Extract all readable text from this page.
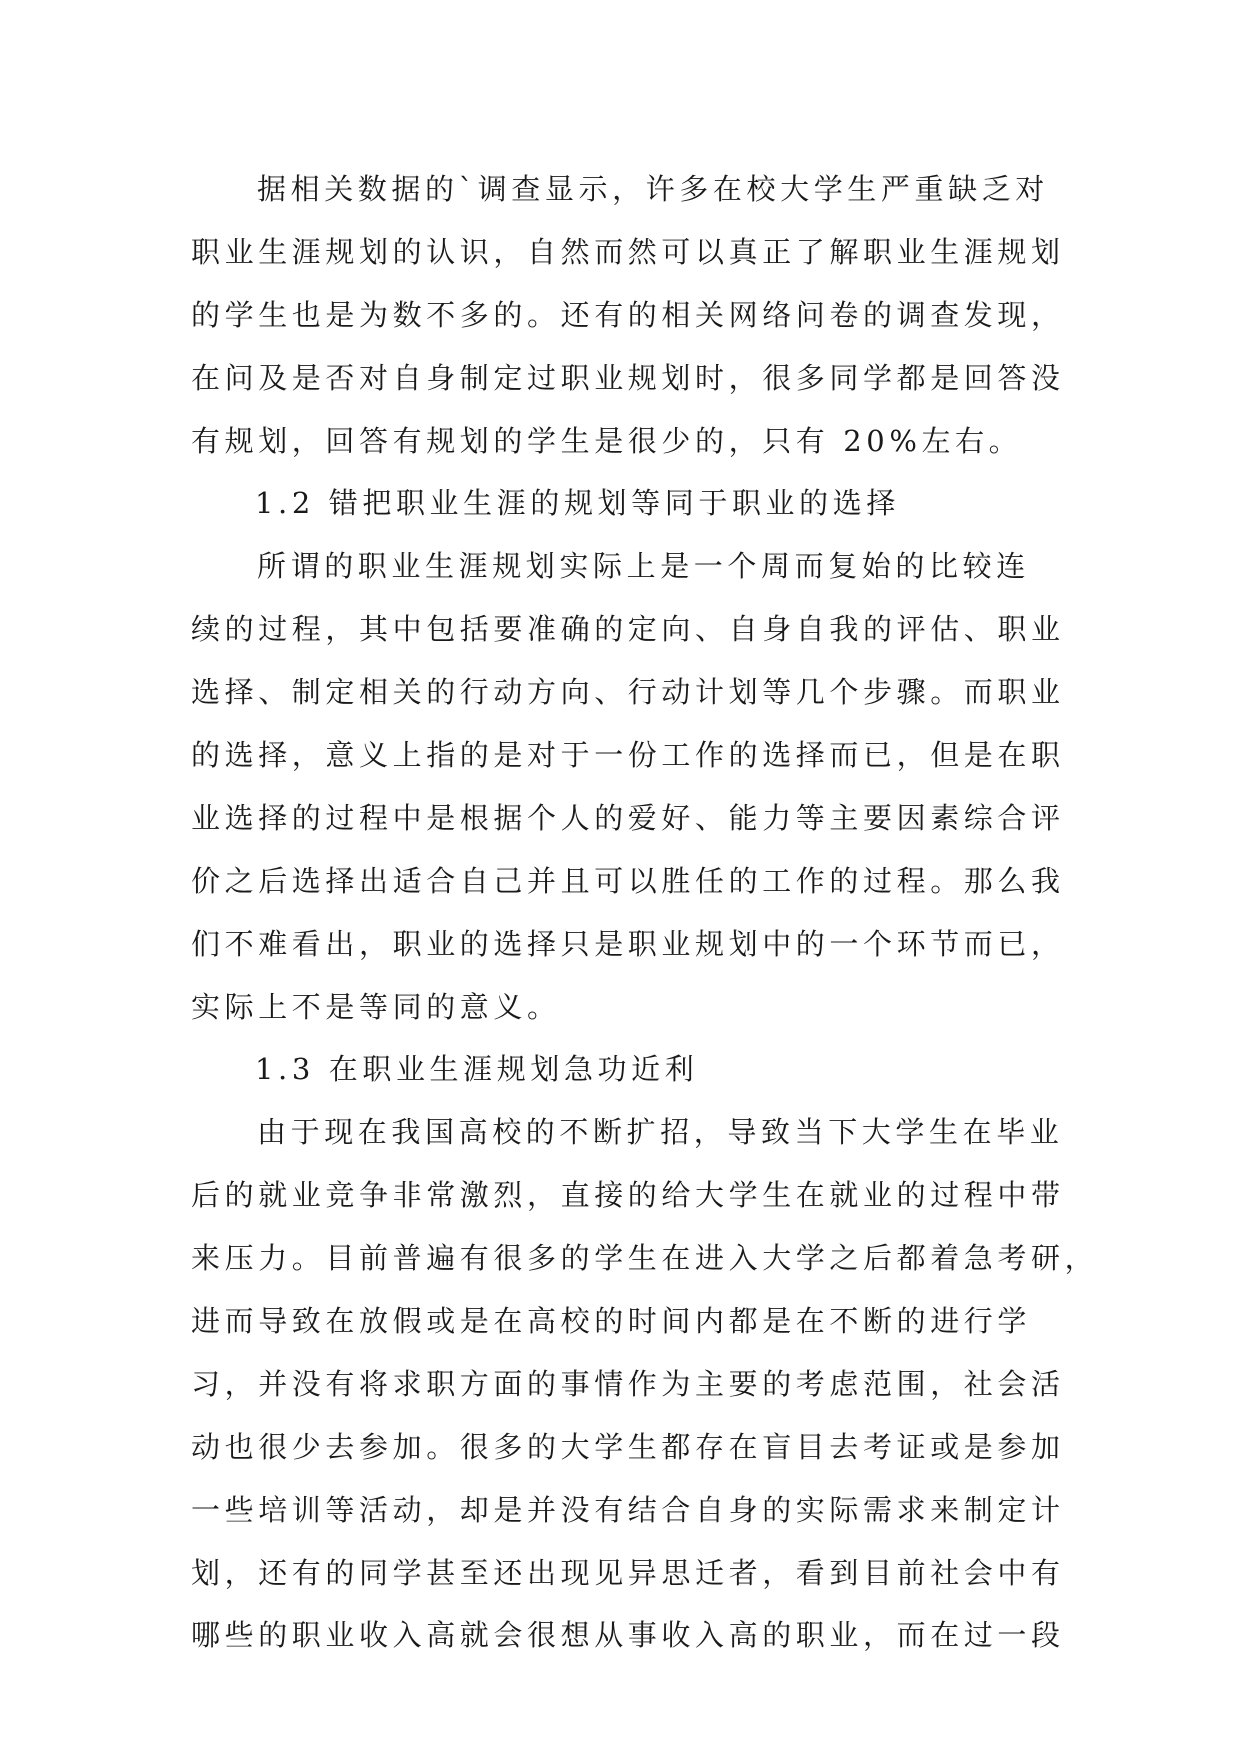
据相关数据的`调查显示，许多在校大学生严重缺乏对
职业生涯规划的认识，自然而然可以真正了解职业生涯规划
的学生也是为数不多的。还有的相关网络问卷的调查发现，
在问及是否对自身制定过职业规划时，很多同学都是回答没
有规划，回答有规划的学生是很少的，只有 20%左右。
1.2 错把职业生涯的规划等同于职业的选择
所谓的职业生涯规划实际上是一个周而复始的比较连
续的过程，其中包括要准确的定向、自身自我的评估、职业
选择、制定相关的行动方向、行动计划等几个步骤。而职业
的选择，意义上指的是对于一份工作的选择而已，但是在职
业选择的过程中是根据个人的爱好、能力等主要因素综合评
价之后选择出适合自己并且可以胜任的工作的过程。那么我
们不难看出，职业的选择只是职业规划中的一个环节而已，
实际上不是等同的意义。
1.3 在职业生涯规划急功近利
由于现在我国高校的不断扩招，导致当下大学生在毕业
后的就业竞争非常激烈，直接的给大学生在就业的过程中带
来压力。目前普遍有很多的学生在进入大学之后都着急考研，
进而导致在放假或是在高校的时间内都是在不断的进行学
习，并没有将求职方面的事情作为主要的考虑范围，社会活
动也很少去参加。很多的大学生都存在盲目去考证或是参加
一些培训等活动，却是并没有结合自身的实际需求来制定计
划，还有的同学甚至还出现见异思迁者，看到目前社会中有
哪些的职业收入高就会很想从事收入高的职业，而在过一段
